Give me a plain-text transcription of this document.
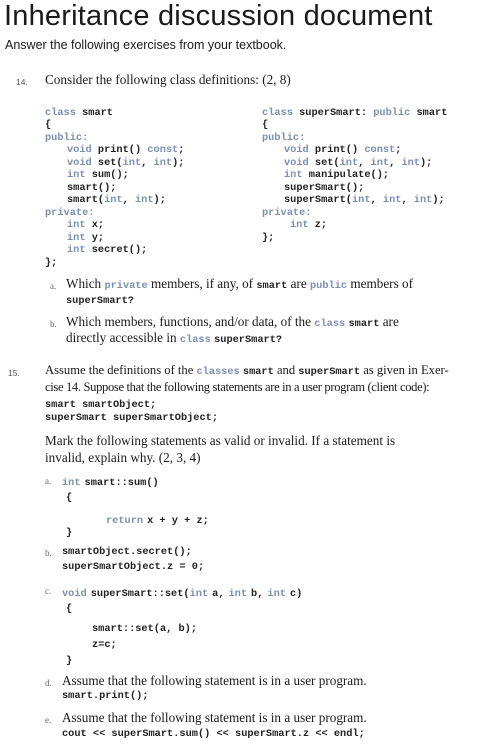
Inheritance discussion document
Answer the following exercises from your textbook.
14. Consider the following class definitions: (2, 8)

class smart
{
public:
void print() const;
void set(int, int);
int sum();
smart();
smart(int, int);
private:
int x;
int y;
int secret();
};

class superSmart: public smart
{
public:
void print() const;
void set(int, int, int);
int manipulate();
superSmart();
superSmart(int, int, int);
private:
int z;
};

a. Which private members, if any, of smart are public members of
superSmart?
b. Which members, functions, and/or data, of the class smart are
directly accessible in class superSmart?
15. Assume the definitions of the classes smart and superSmart as given in Exer-
cise 14. Suppose that the following statements are in a user program (client code):
smart smartObject;
superSmart superSmartObject;
Mark the following statements as valid or invalid. If a statement is
invalid, explain why. (2, 3, 4)
a. int smart::sum()
{
return x + y + z;
}
b. smartObject.secret();
superSmartObject.z = 0;
c. void superSmart::set(int a, int b, int c)
{
smart::set(a, b);
z=c;
}
d. Assume that the following statement is in a user program.
smart.print();
e. Assume that the following statement is in a user program.
cout << superSmart.sum() << superSmart.z << endl;
